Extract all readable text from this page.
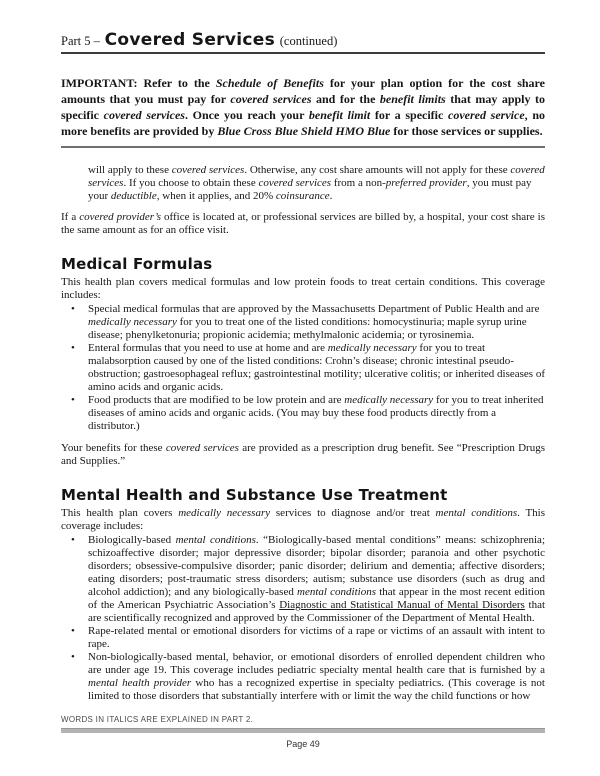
Part 5 – Covered Services (continued)

IMPORTANT: Refer to the Schedule of Benefits for your plan option for the cost share amounts that you must pay for covered services and for the benefit limits that may apply to specific covered services. Once you reach your benefit limit for a specific covered service, no more benefits are provided by Blue Cross Blue Shield HMO Blue for those services or supplies.

will apply to these covered services. Otherwise, any cost share amounts will not apply for these covered services. If you choose to obtain these covered services from a non-preferred provider, you must pay your deductible, when it applies, and 20% coinsurance.

If a covered provider’s office is located at, or professional services are billed by, a hospital, your cost share is the same amount as for an office visit.

Medical Formulas

This health plan covers medical formulas and low protein foods to treat certain conditions. This coverage includes:

• Special medical formulas that are approved by the Massachusetts Department of Public Health and are medically necessary for you to treat one of the listed conditions: homocystinuria; maple syrup urine disease; phenylketonuria; propionic acidemia; methylmalonic acidemia; or tyrosinemia.
• Enteral formulas that you need to use at home and are medically necessary for you to treat malabsorption caused by one of the listed conditions: Crohn’s disease; chronic intestinal pseudo-obstruction; gastroesophageal reflux; gastrointestinal motility; ulcerative colitis; or inherited diseases of amino acids and organic acids.
• Food products that are modified to be low protein and are medically necessary for you to treat inherited diseases of amino acids and organic acids. (You may buy these food products directly from a distributor.)

Your benefits for these covered services are provided as a prescription drug benefit. See “Prescription Drugs and Supplies.”

Mental Health and Substance Use Treatment

This health plan covers medically necessary services to diagnose and/or treat mental conditions. This coverage includes:

• Biologically-based mental conditions. “Biologically-based mental conditions” means: schizophrenia; schizoaffective disorder; major depressive disorder; bipolar disorder; paranoia and other psychotic disorders; obsessive-compulsive disorder; panic disorder; delirium and dementia; affective disorders; eating disorders; post-traumatic stress disorders; autism; substance use disorders (such as drug and alcohol addiction); and any biologically-based mental conditions that appear in the most recent edition of the American Psychiatric Association’s Diagnostic and Statistical Manual of Mental Disorders that are scientifically recognized and approved by the Commissioner of the Department of Mental Health.
• Rape-related mental or emotional disorders for victims of a rape or victims of an assault with intent to rape.
• Non-biologically-based mental, behavior, or emotional disorders of enrolled dependent children who are under age 19. This coverage includes pediatric specialty mental health care that is furnished by a mental health provider who has a recognized expertise in specialty pediatrics. (This coverage is not limited to those disorders that substantially interfere with or limit the way the child functions or how
WORDS IN ITALICS ARE EXPLAINED IN PART 2.
Page 49
